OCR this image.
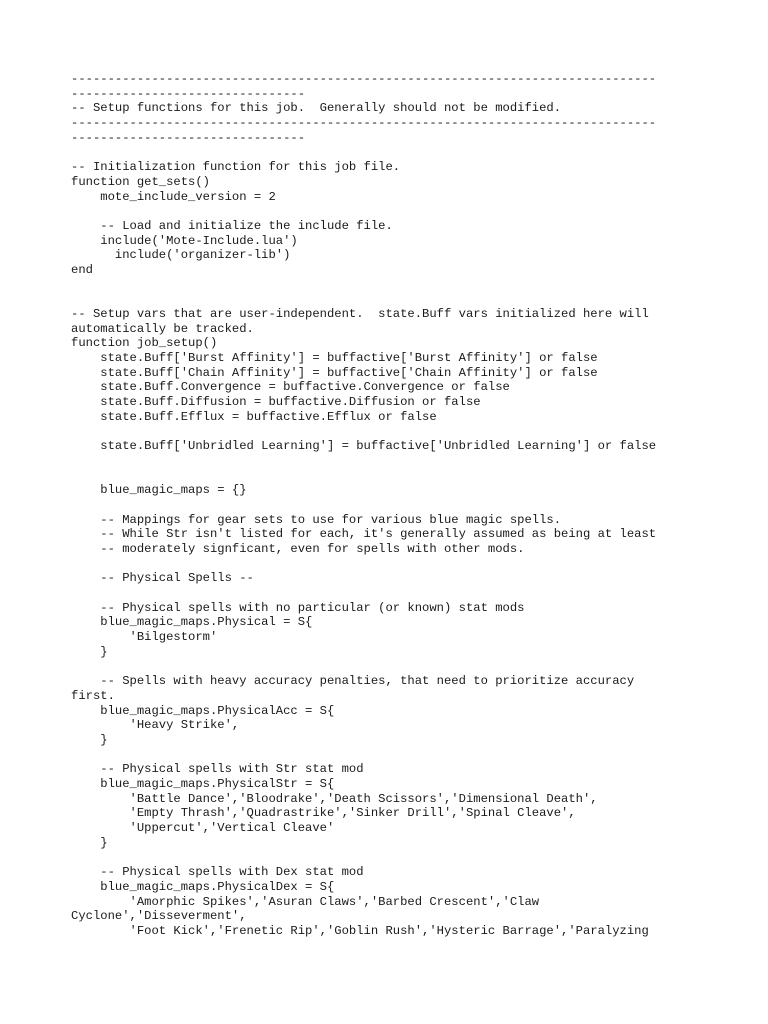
--------------------------------------------------------------------------------
--------------------------------
-- Setup functions for this job.  Generally should not be modified.
--------------------------------------------------------------------------------
--------------------------------
-- Initialization function for this job file.
function get_sets()
mote_include_version = 2
-- Load and initialize the include file.
include('Mote-Include.lua')
include('organizer-lib')
end
-- Setup vars that are user-independent.  state.Buff vars initialized here will
automatically be tracked.
function job_setup()
state.Buff['Burst Affinity'] = buffactive['Burst Affinity'] or false
state.Buff['Chain Affinity'] = buffactive['Chain Affinity'] or false
state.Buff.Convergence = buffactive.Convergence or false
state.Buff.Diffusion = buffactive.Diffusion or false
state.Buff.Efflux = buffactive.Efflux or false
state.Buff['Unbridled Learning'] = buffactive['Unbridled Learning'] or false
blue_magic_maps = {}
-- Mappings for gear sets to use for various blue magic spells.
-- While Str isn't listed for each, it's generally assumed as being at least
-- moderately signficant, even for spells with other mods.
-- Physical Spells --
-- Physical spells with no particular (or known) stat mods
blue_magic_maps.Physical = S{
'Bilgestorm'
}
-- Spells with heavy accuracy penalties, that need to prioritize accuracy
first.
blue_magic_maps.PhysicalAcc = S{
'Heavy Strike',
}
-- Physical spells with Str stat mod
blue_magic_maps.PhysicalStr = S{
'Battle Dance','Bloodrake','Death Scissors','Dimensional Death',
'Empty Thrash','Quadrastrike','Sinker Drill','Spinal Cleave',
'Uppercut','Vertical Cleave'
}
-- Physical spells with Dex stat mod
blue_magic_maps.PhysicalDex = S{
'Amorphic Spikes','Asuran Claws','Barbed Crescent','Claw
Cyclone','Disseverment',
'Foot Kick','Frenetic Rip','Goblin Rush','Hysteric Barrage','Paralyzing
